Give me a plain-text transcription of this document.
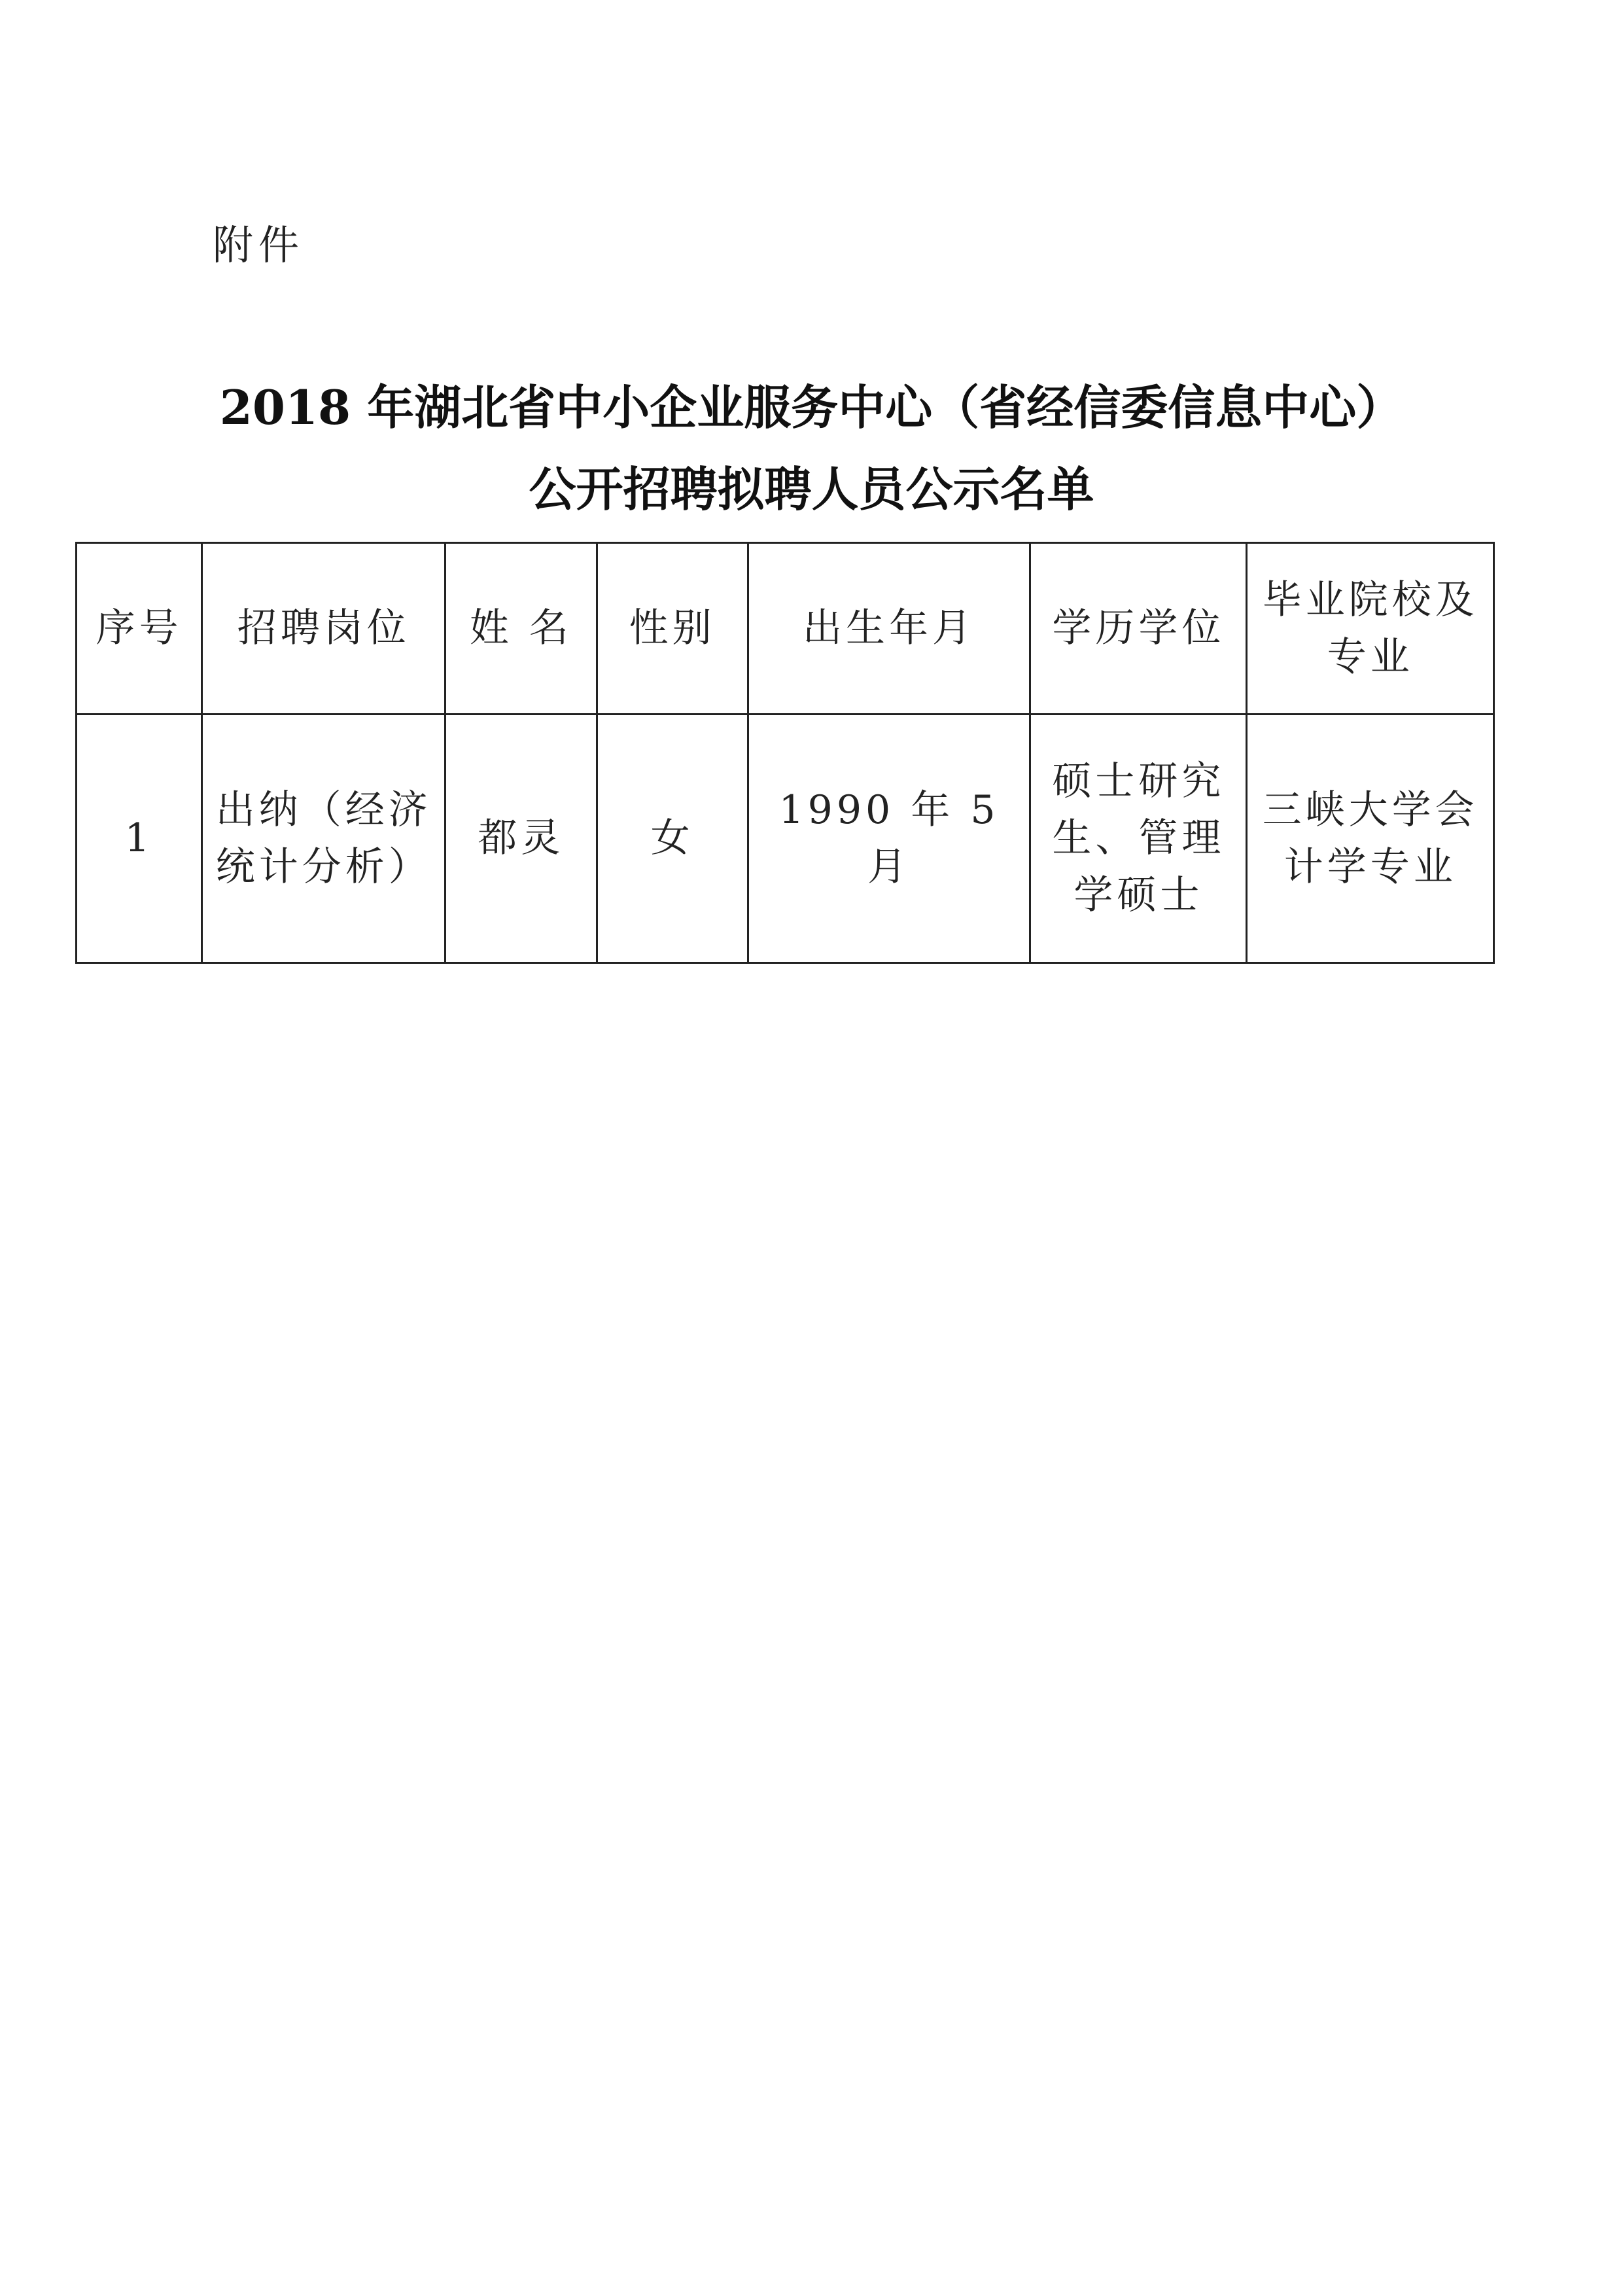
附件
2018 年湖北省中小企业服务中心（省经信委信息中心）
公开招聘拟聘人员公示名单
序号	招聘岗位	姓 名	性别	出生年月	学历学位	毕业院校及专业
1	出纳（经济统计分析）	都灵	女	1990 年 5 月	硕士研究生、管理学硕士	三峡大学会计学专业
